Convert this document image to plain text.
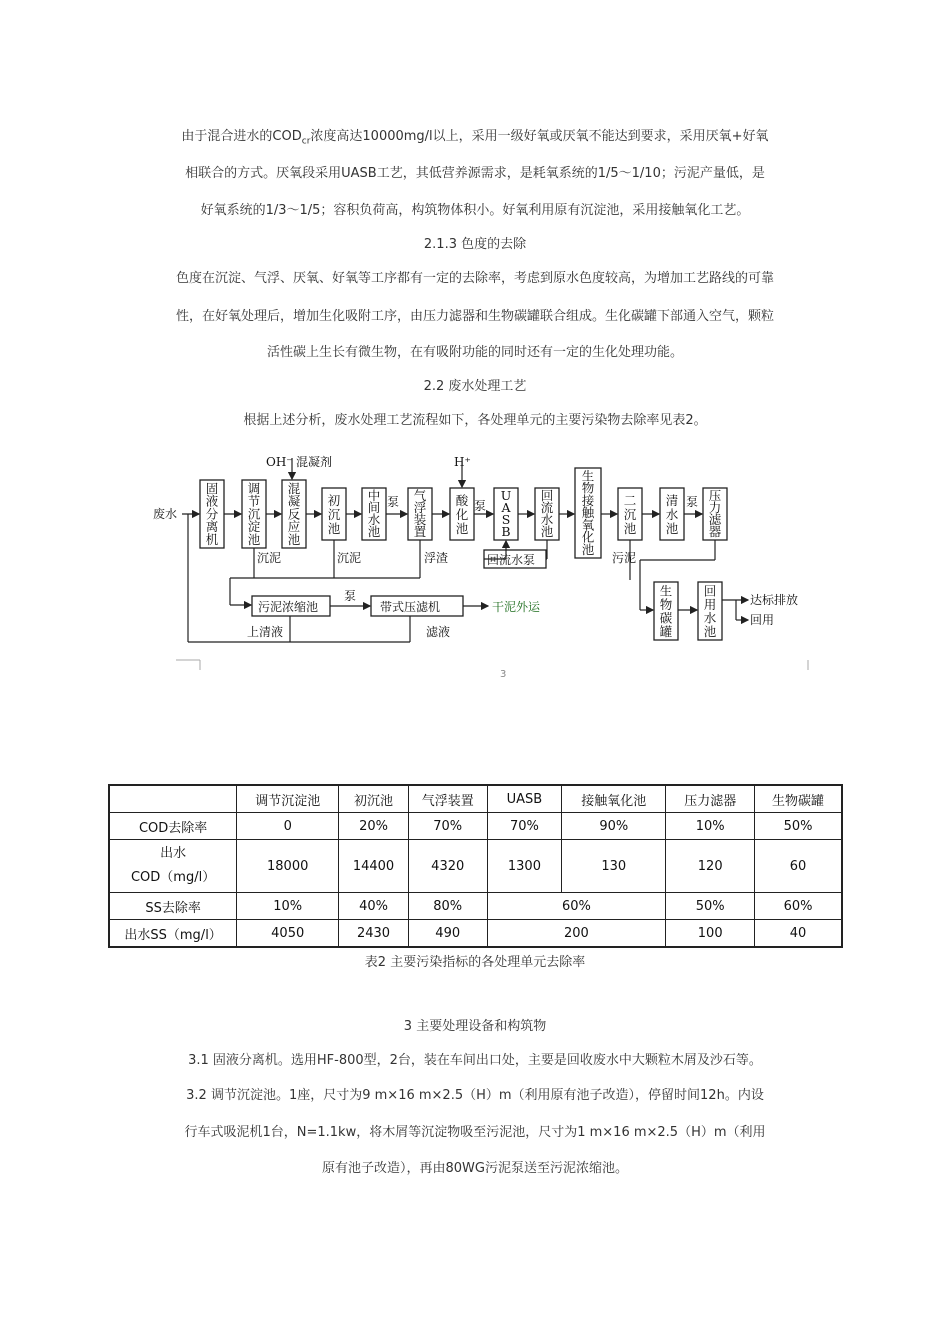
由于混合进水的$COD_{cr}$浓度高达10000mg/l以上，采用一级好氧或厌氧不能达到要求，采用厌氧+好氧
相联合的方式。厌氧段采用UASB工艺，其低营养源需求，是耗氧系统的1/5～1/10；污泥产量低，是
好氧系统的1/3～1/5；容积负荷高，构筑物体积小。好氧利用原有沉淀池，采用接触氧化工艺。
2.1.3 色度的去除
色度在沉淀、气浮、厌氧、好氧等工序都有一定的去除率，考虑到原水色度较高，为增加工艺路线的可靠
性，在好氧处理后，增加生化吸附工序，由压力滤器和生物碳罐联合组成。生化碳罐下部通入空气，颗粒
活性碳上生长有微生物，在有吸附功能的同时还有一定的生化处理功能。
2.2 废水处理工艺
根据上述分析，废水处理工艺流程如下，各处理单元的主要污染物去除率见表2。
废水
固液分离机
调节沉淀池
混凝反应池
初沉池
中间水池
气浮装置
酸化池
U A S B
回流水池
生物接触氧化池
二沉池
清水池
压力滤器
泵	泵	泵
OH⁻ 混凝剂	H⁺
回流水泵
沉泥	沉泥	浮渣	污泥
污泥浓缩池
泵
带式压滤机	干泥外运
上清液	滤液
达标排放
回用
生物碳罐
回用水池
3
	调节沉淀池	初沉池	气浮装置	UASB	接触氧化池	压力滤器	生物碳罐
COD去除率	0	20%	70%	70%	90%	10%	50%
出水
COD（mg/l）	18000	14400	4320	1300	130	120	60
SS去除率	10%	40%	80%	60%		50%	60%
出水SS（mg/l）	4050	2430	490	200		100	40
表2 主要污染指标的各处理单元去除率
3 主要处理设备和构筑物
3.1 固液分离机。选用HF-800型，2台，装在车间出口处，主要是回收废水中大颗粒木屑及沙石等。
3.2 调节沉淀池。1座，尺寸为9 m×16 m×2.5（H）m（利用原有池子改造），停留时间12h。内设
行车式吸泥机1台，N=1.1kw，将木屑等沉淀物吸至污泥池，尺寸为1 m×16 m×2.5（H）m（利用
原有池子改造），再由80WG污泥泵送至污泥浓缩池。
